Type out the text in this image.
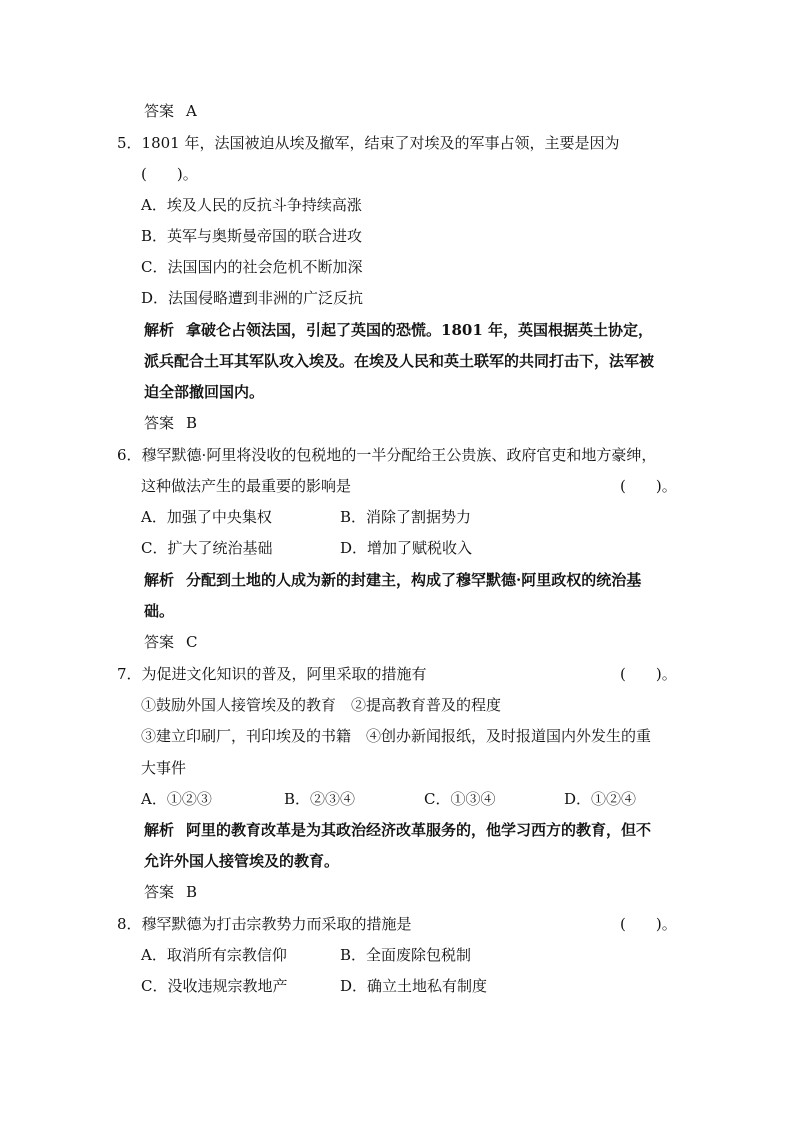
答案 A
5．1801 年，法国被迫从埃及撤军，结束了对埃及的军事占领，主要是因为
(　　)。
A．埃及人民的反抗斗争持续高涨
B．英军与奥斯曼帝国的联合进攻
C．法国国内的社会危机不断加深
D．法国侵略遭到非洲的广泛反抗
解析 拿破仑占领法国，引起了英国的恐慌。1801 年，英国根据英土协定，
派兵配合土耳其军队攻入埃及。在埃及人民和英土联军的共同打击下，法军被
迫全部撤回国内。
答案 B
6．穆罕默德·阿里将没收的包税地的一半分配给王公贵族、政府官吏和地方豪绅，
这种做法产生的最重要的影响是	(　　)。
A．加强了中央集权	B．消除了割据势力
C．扩大了统治基础	D．增加了赋税收入
解析 分配到土地的人成为新的封建主，构成了穆罕默德·阿里政权的统治基
础。
答案 C
7．为促进文化知识的普及，阿里采取的措施有	(　　)。
①鼓励外国人接管埃及的教育　②提高教育普及的程度
③建立印刷厂，刊印埃及的书籍　④创办新闻报纸，及时报道国内外发生的重
大事件
A．①②③	B．②③④	C．①③④	D．①②④
解析 阿里的教育改革是为其政治经济改革服务的，他学习西方的教育，但不
允许外国人接管埃及的教育。
答案 B
8．穆罕默德为打击宗教势力而采取的措施是	(　　)。
A．取消所有宗教信仰	B．全面废除包税制
C．没收违规宗教地产	D．确立土地私有制度
